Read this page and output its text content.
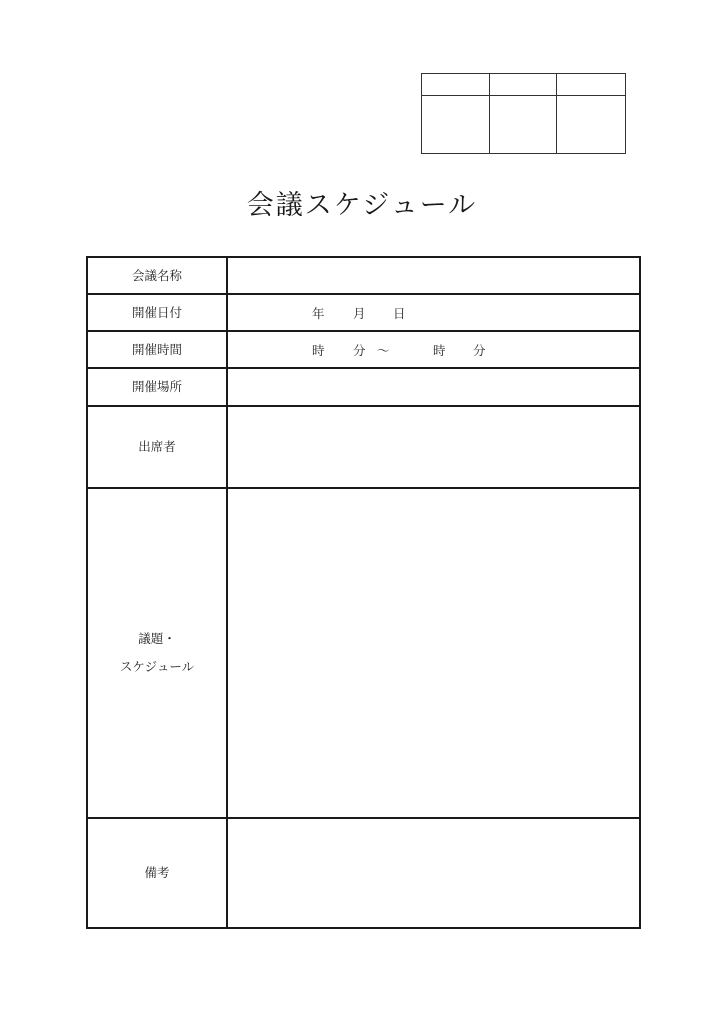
会議スケジュール
会議名称
開催日付	年 月 日
開催時間	時 分 〜	時 分
開催場所
出席者
議題・
スケジュール
備考
